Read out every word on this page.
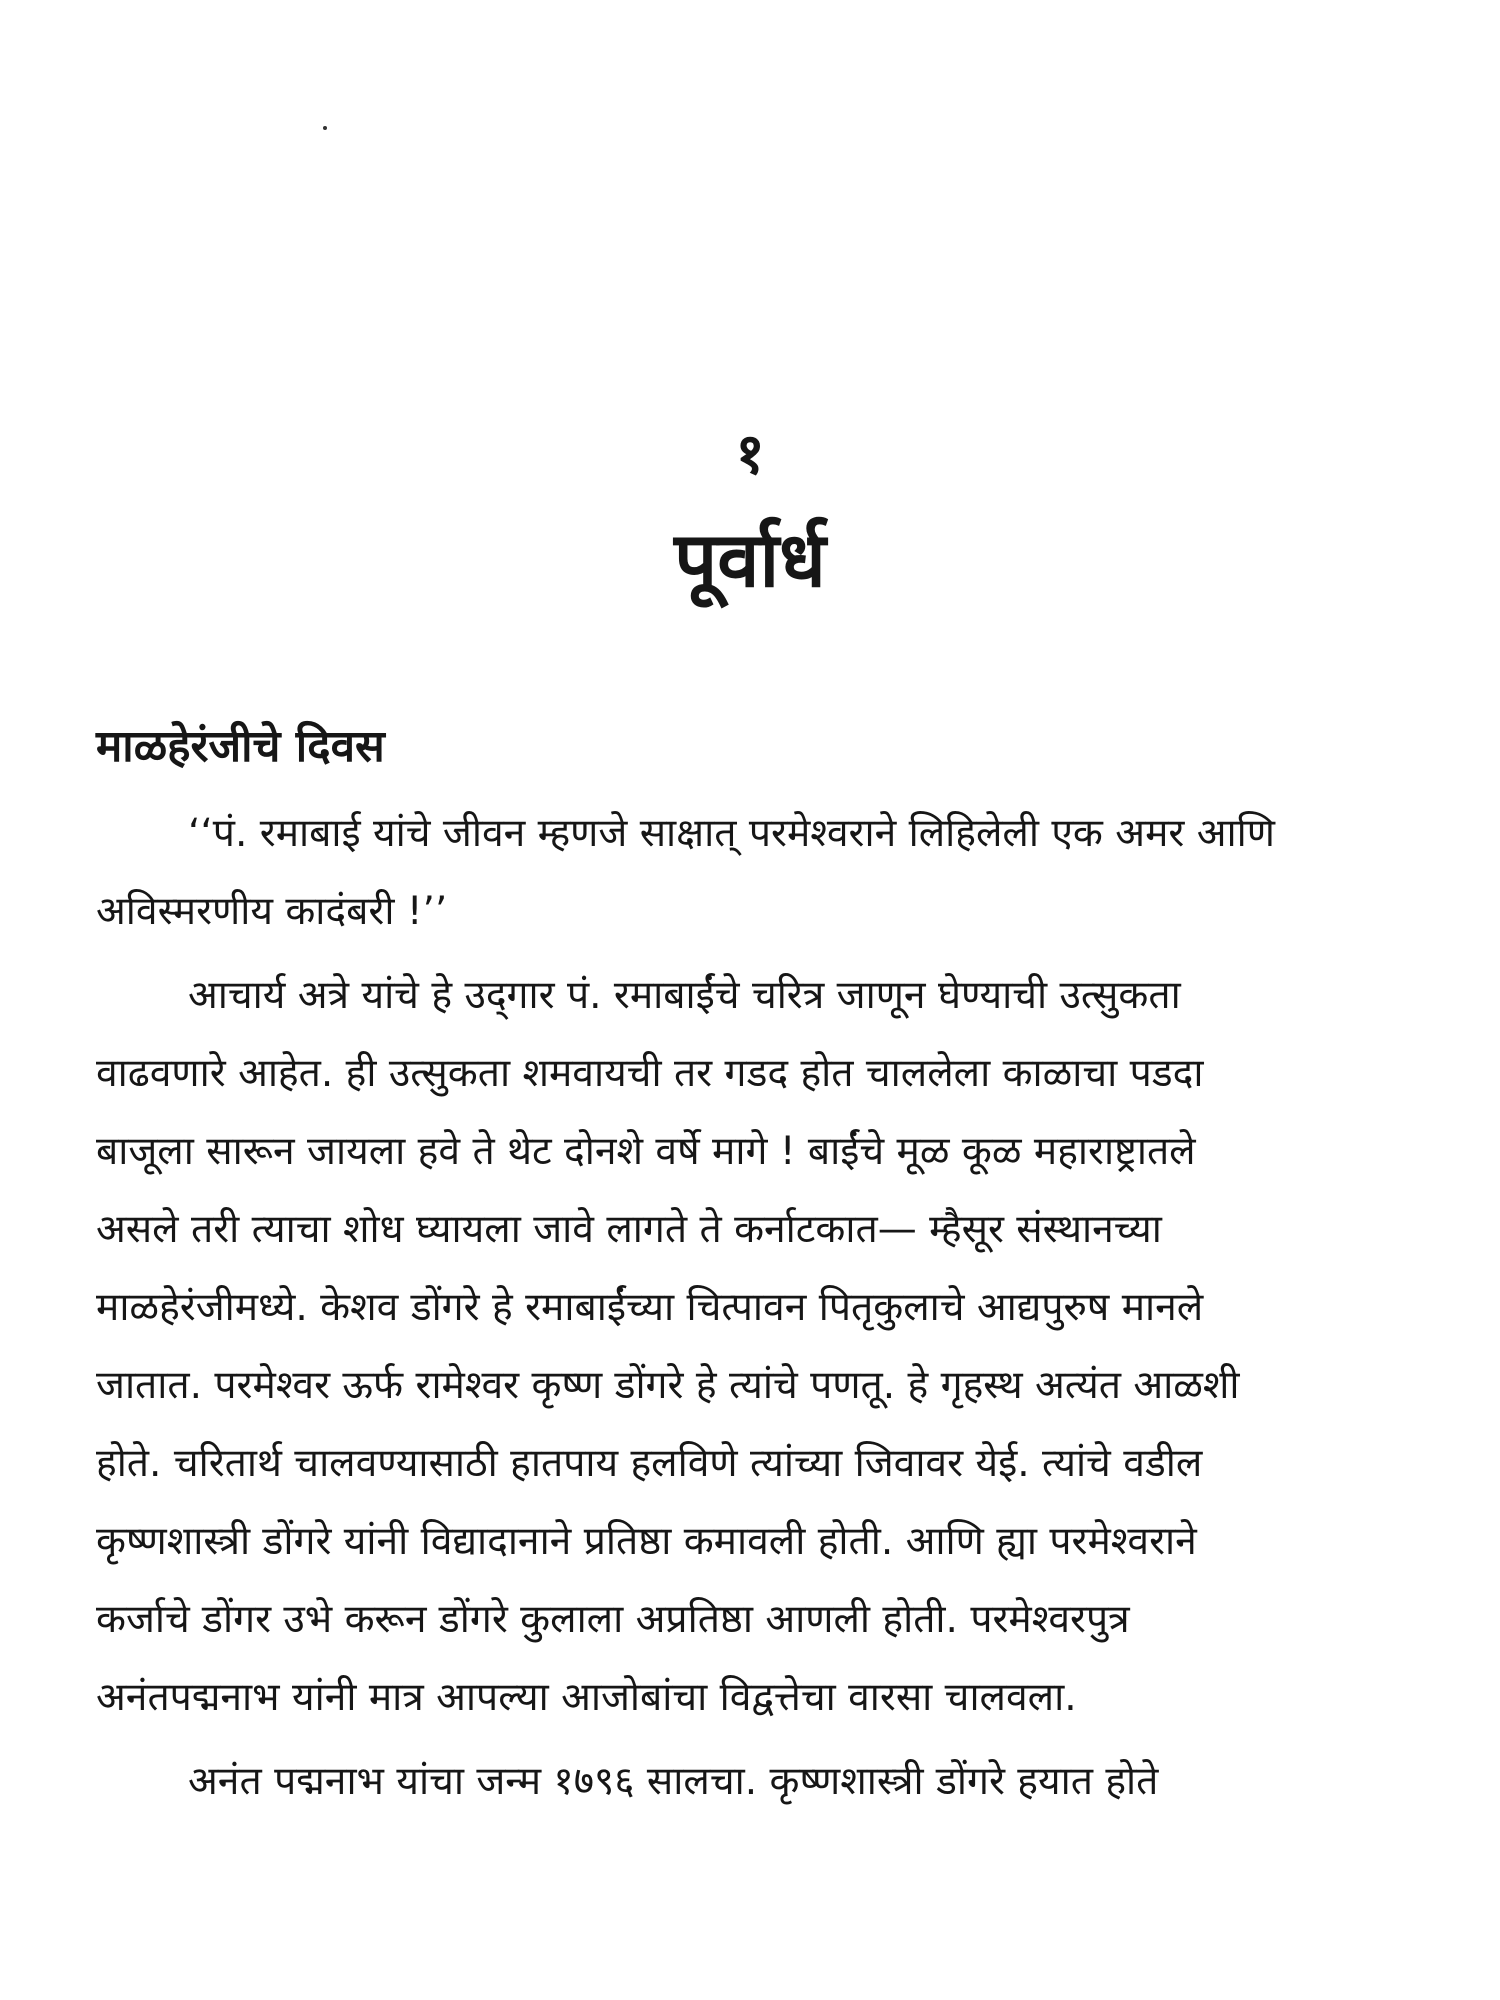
१
पूर्वार्ध
माळहेरंजीचे दिवस
‘‘पं. रमाबाई यांचे जीवन म्हणजे साक्षात् परमेश्वराने लिहिलेली एक अमर आणि
अविस्मरणीय कादंबरी !’’
आचार्य अत्रे यांचे हे उद्‌गार पं. रमाबाईंचे चरित्र जाणून घेण्याची उत्सुकता
वाढवणारे आहेत. ही उत्सुकता शमवायची तर गडद होत चाललेला काळाचा पडदा
बाजूला सारून जायला हवे ते थेट दोनशे वर्षे मागे ! बाईंचे मूळ कूळ महाराष्ट्रातले
असले तरी त्याचा शोध घ्यायला जावे लागते ते कर्नाटकात— म्हैसूर संस्थानच्या
माळहेरंजीमध्ये. केशव डोंगरे हे रमाबाईंच्या चित्पावन पितृकुलाचे आद्यपुरुष मानले
जातात. परमेश्वर ऊर्फ रामेश्वर कृष्ण डोंगरे हे त्यांचे पणतू. हे गृहस्थ अत्यंत आळशी
होते. चरितार्थ चालवण्यासाठी हातपाय हलविणे त्यांच्या जिवावर येई. त्यांचे वडील
कृष्णशास्त्री डोंगरे यांनी विद्यादानाने प्रतिष्ठा कमावली होती. आणि ह्या परमेश्वराने
कर्जाचे डोंगर उभे करून डोंगरे कुलाला अप्रतिष्ठा आणली होती. परमेश्वरपुत्र
अनंतपद्मनाभ यांनी मात्र आपल्या आजोबांचा विद्वत्तेचा वारसा चालवला.
अनंत पद्मनाभ यांचा जन्म १७९६ सालचा. कृष्णशास्त्री डोंगरे हयात होते
